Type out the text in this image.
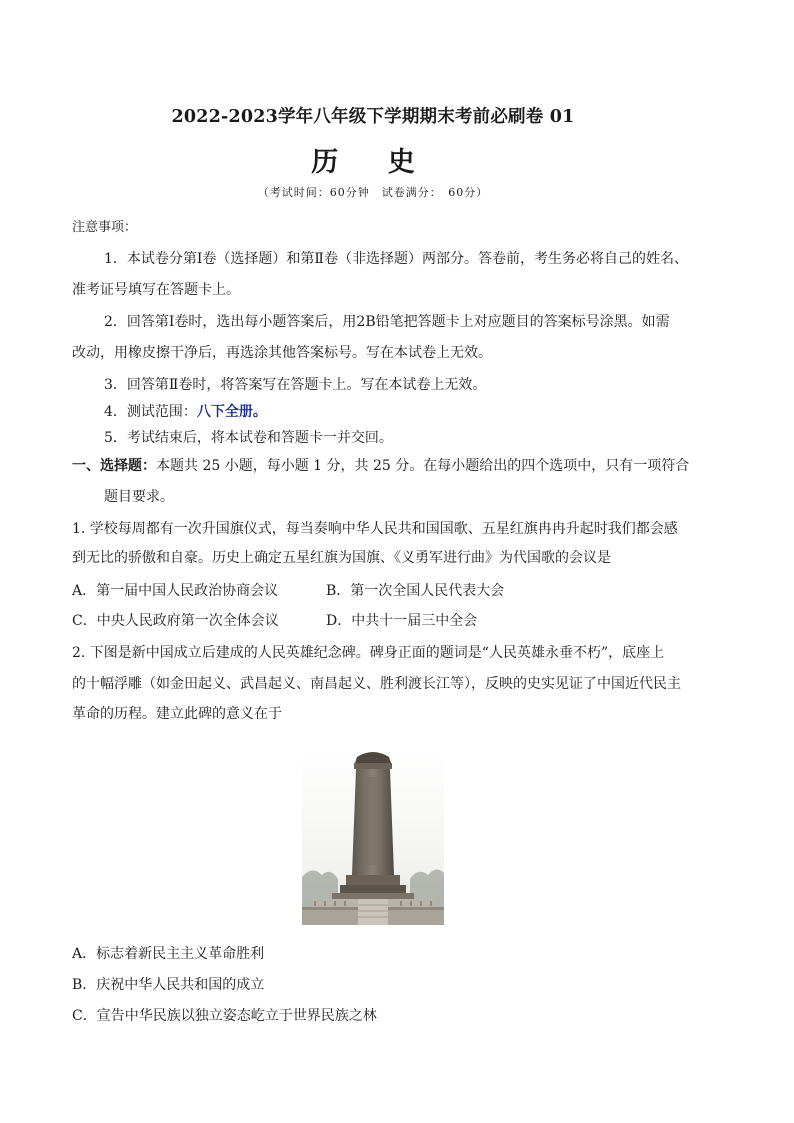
2022-2023学年八年级下学期期末考前必刷卷 01
历 史
（考试时间：60分钟　试卷满分：　60分）
注意事项：
1．本试卷分第Ⅰ卷（选择题）和第Ⅱ卷（非选择题）两部分。答卷前，考生务必将自己的姓名、
准考证号填写在答题卡上。
2．回答第Ⅰ卷时，选出每小题答案后，用2B铅笔把答题卡上对应题目的答案标号涂黑。如需
改动，用橡皮擦干净后，再选涂其他答案标号。写在本试卷上无效。
3．回答第Ⅱ卷时，将答案写在答题卡上。写在本试卷上无效。
4．测试范围：八下全册。
5．考试结束后，将本试卷和答题卡一并交回。
一、选择题：本题共 25 小题，每小题 1 分，共 25 分。在每小题给出的四个选项中，只有一项符合
题目要求。
1. 学校每周都有一次升国旗仪式，每当奏响中华人民共和国国歌、五星红旗冉冉升起时我们都会感
到无比的骄傲和自豪。历史上确定五星红旗为国旗、《义勇军进行曲》为代国歌的会议是
A．第一届中国人民政治协商会议	B．第一次全国人民代表大会
C．中央人民政府第一次全体会议	D．中共十一届三中全会
2. 下图是新中国成立后建成的人民英雄纪念碑。碑身正面的题词是“人民英雄永垂不朽”，底座上
的十幅浮雕（如金田起义、武昌起义、南昌起义、胜利渡长江等），反映的史实见证了中国近代民主
革命的历程。建立此碑的意义在于
A．标志着新民主主义革命胜利
B．庆祝中华人民共和国的成立
C．宣告中华民族以独立姿态屹立于世界民族之林
